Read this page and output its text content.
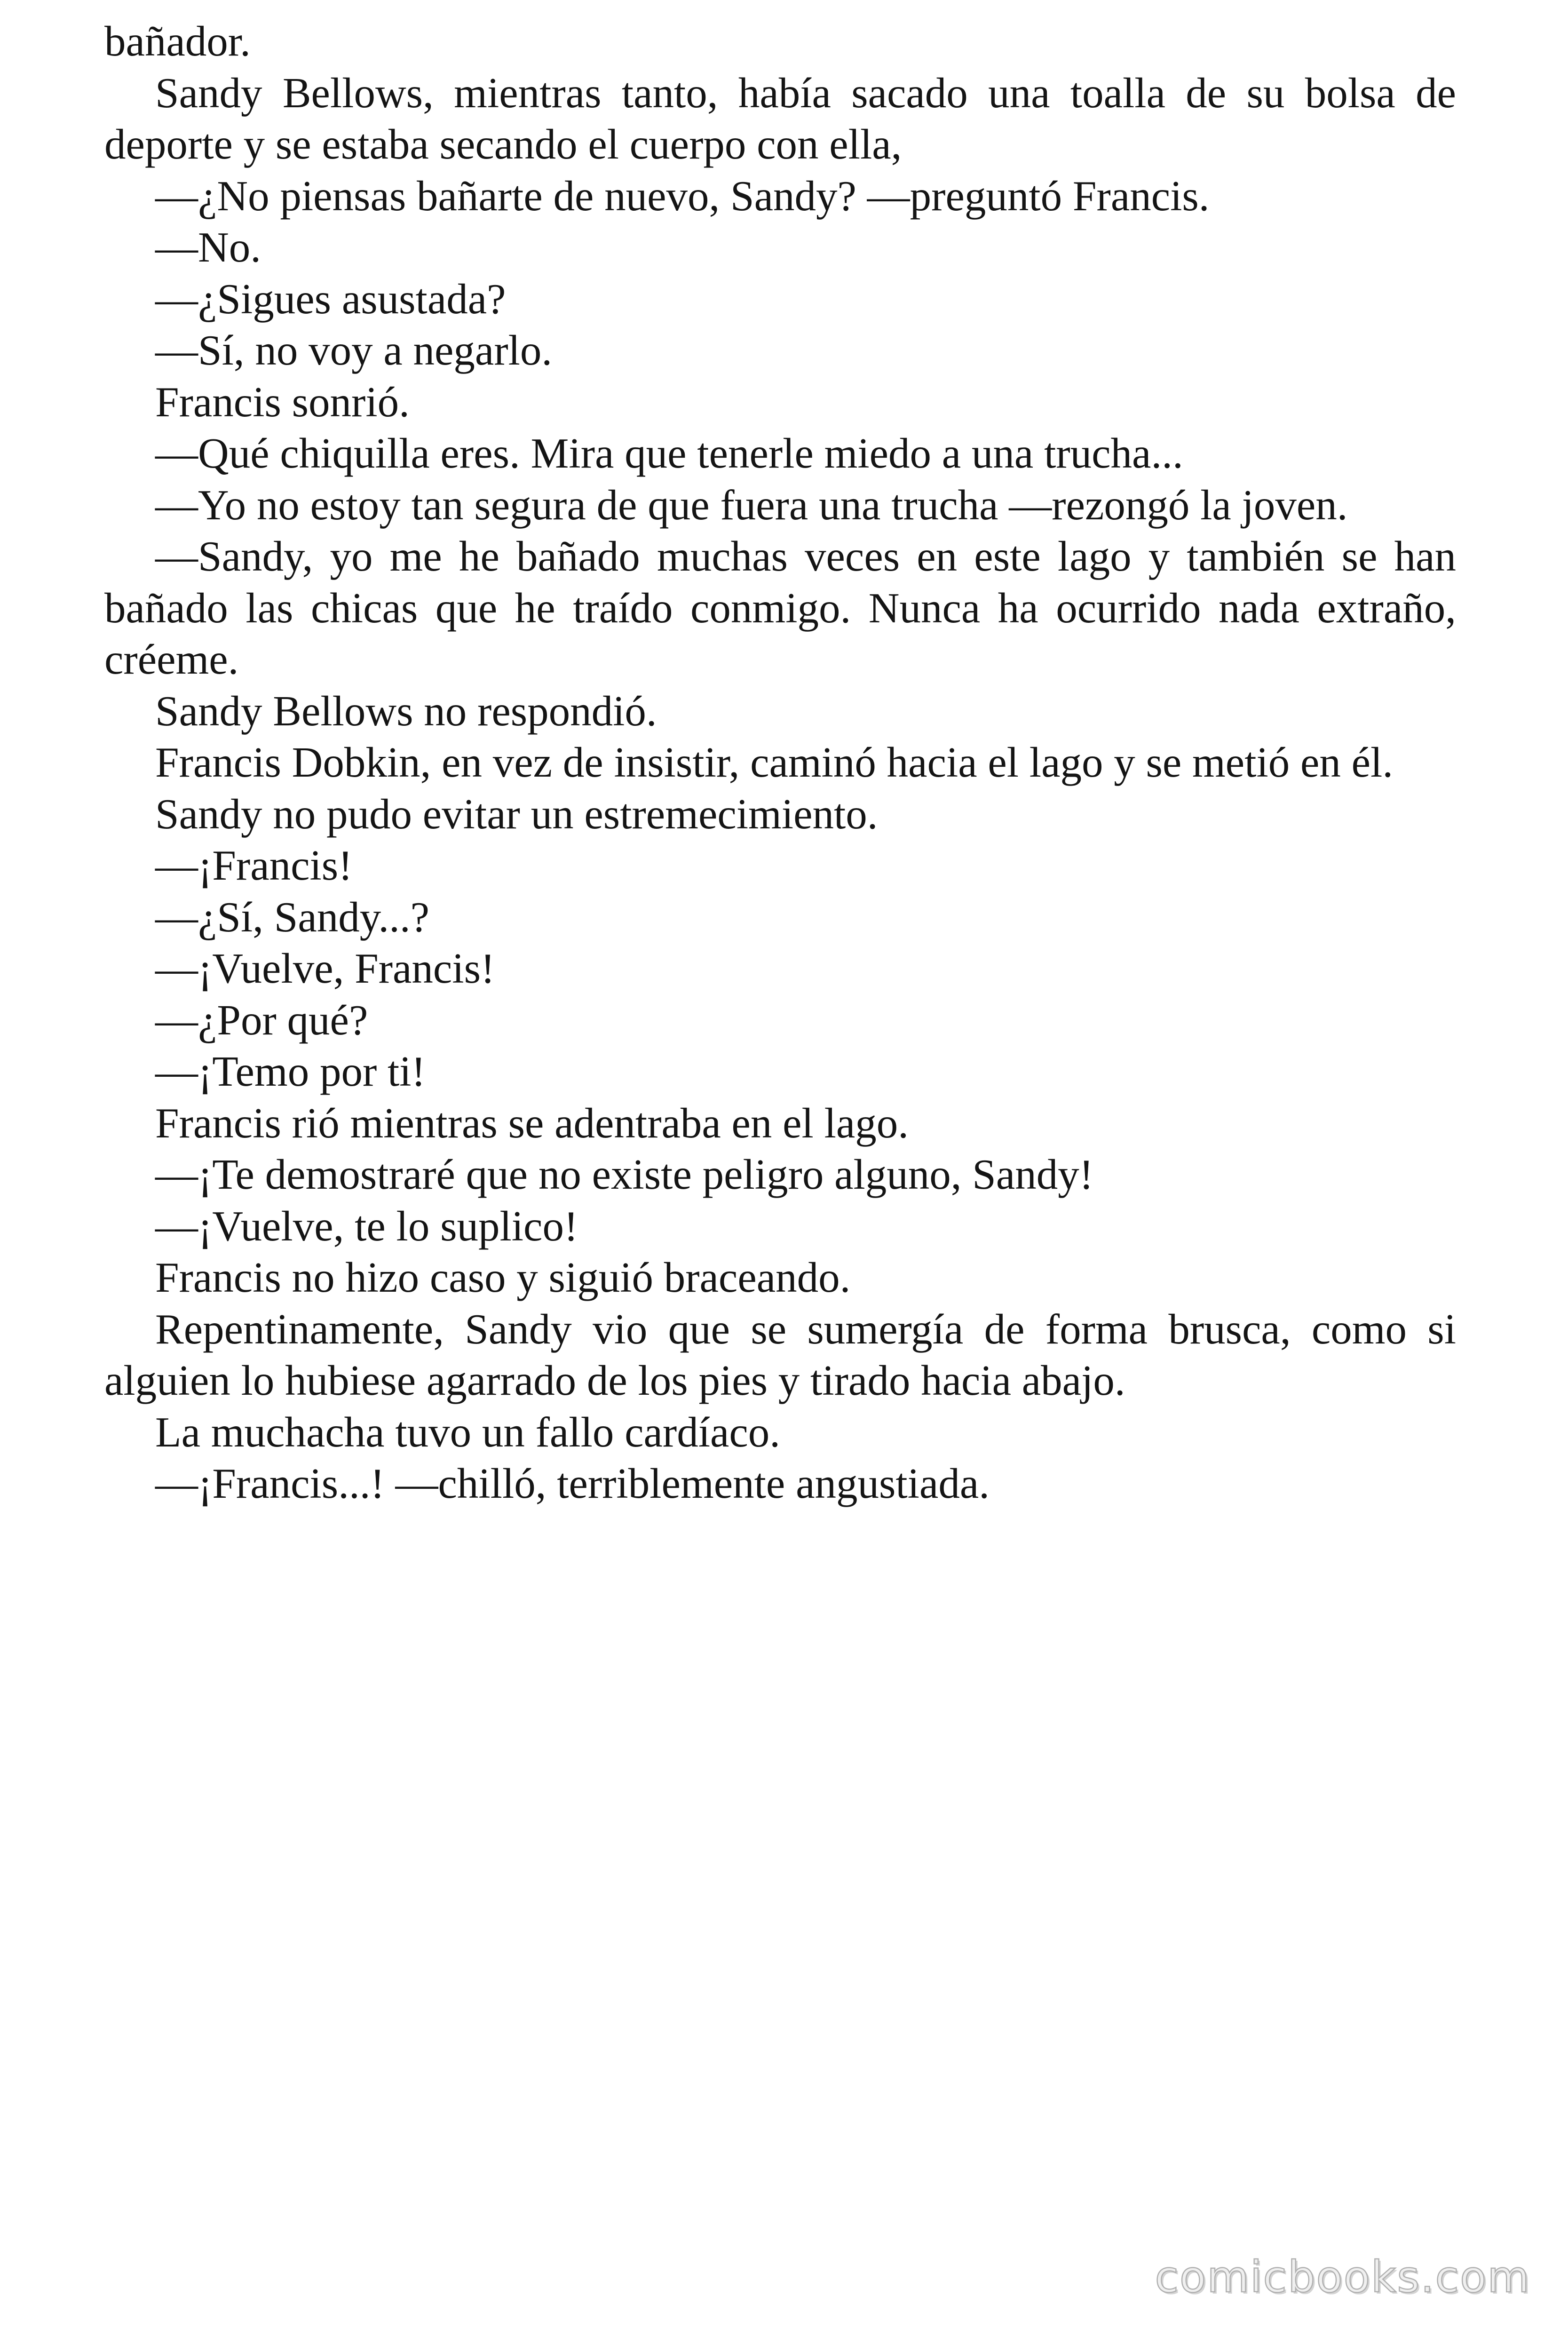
bañador.
Sandy Bellows, mientras tanto, había sacado una toalla de su bolsa de
deporte y se estaba secando el cuerpo con ella,
—¿No piensas bañarte de nuevo, Sandy? —preguntó Francis.
—No.
—¿Sigues asustada?
—Sí, no voy a negarlo.
Francis sonrió.
—Qué chiquilla eres. Mira que tenerle miedo a una trucha...
—Yo no estoy tan segura de que fuera una trucha —rezongó la joven.
—Sandy, yo me he bañado muchas veces en este lago y también se han
bañado las chicas que he traído conmigo. Nunca ha ocurrido nada extraño,
créeme.
Sandy Bellows no respondió.
Francis Dobkin, en vez de insistir, caminó hacia el lago y se metió en él.
Sandy no pudo evitar un estremecimiento.
—¡Francis!
—¿Sí, Sandy...?
—¡Vuelve, Francis!
—¿Por qué?
—¡Temo por ti!
Francis rió mientras se adentraba en el lago.
—¡Te demostraré que no existe peligro alguno, Sandy!
—¡Vuelve, te lo suplico!
Francis no hizo caso y siguió braceando.
Repentinamente, Sandy vio que se sumergía de forma brusca, como si
alguien lo hubiese agarrado de los pies y tirado hacia abajo.
La muchacha tuvo un fallo cardíaco.
—¡Francis...! —chilló, terriblemente angustiada.
comicbooks.com
